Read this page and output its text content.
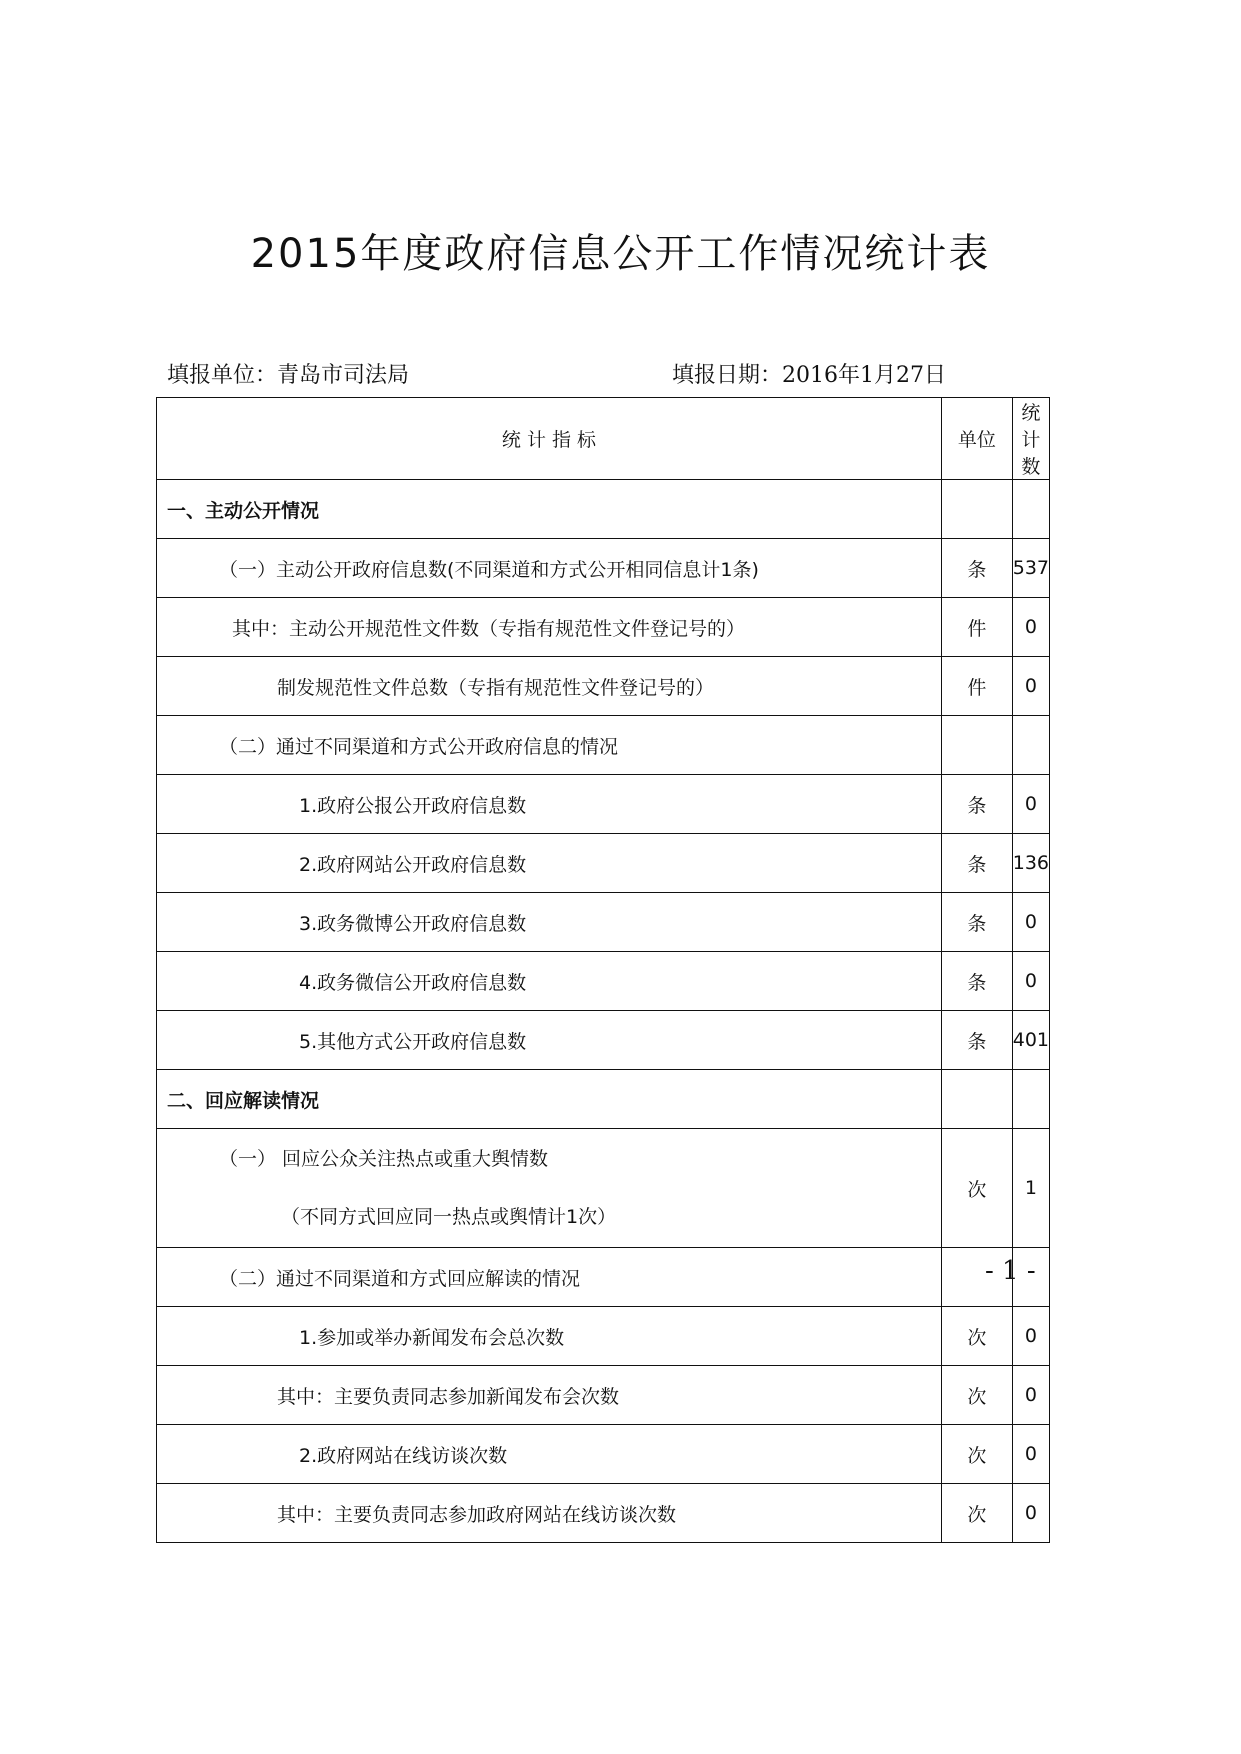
2015年度政府信息公开工作情况统计表
填报单位：青岛市司法局	填报日期：2016年1月27日
统 计 指 标	单位	统计数
一、主动公开情况		
（一）主动公开政府信息数(不同渠道和方式公开相同信息计1条)	条	537
其中：主动公开规范性文件数（专指有规范性文件登记号的）	件	0
制发规范性文件总数（专指有规范性文件登记号的）	件	0
（二）通过不同渠道和方式公开政府信息的情况		
1.政府公报公开政府信息数	条	0
2.政府网站公开政府信息数	条	136
3.政务微博公开政府信息数	条	0
4.政务微信公开政府信息数	条	0
5.其他方式公开政府信息数	条	401
二、回应解读情况		

（一） 回应公众关注热点或重大舆情数
（不同方式回应同一热点或舆情计1次）	次	1
（二）通过不同渠道和方式回应解读的情况		
1.参加或举办新闻发布会总次数	次	0
其中：主要负责同志参加新闻发布会次数	次	0
2.政府网站在线访谈次数	次	0
其中：主要负责同志参加政府网站在线访谈次数	次	0
- 1 -
